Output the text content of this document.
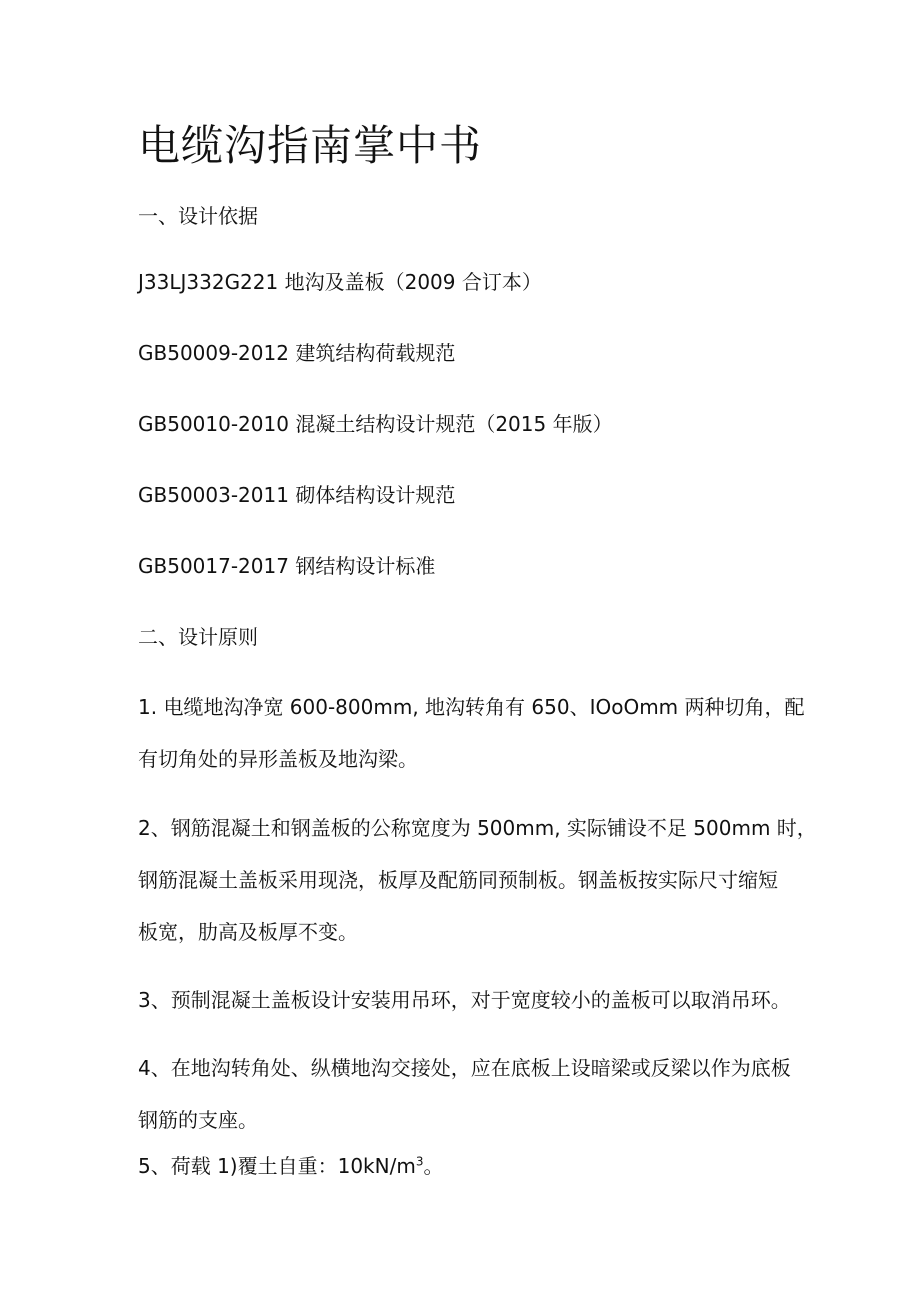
电缆沟指南掌中书

一、设计依据

J33LJ332G221 地沟及盖板（2009 合订本）

GB50009-2012 建筑结构荷载规范

GB50010-2010 混凝土结构设计规范（2015 年版）

GB50003-2011 砌体结构设计规范

GB50017-2017 钢结构设计标准

二、设计原则

1. 电缆地沟净宽 600-800mm, 地沟转角有 650、IOoOmm 两种切角，配
有切角处的异形盖板及地沟梁。
2、钢筋混凝土和钢盖板的公称宽度为 500mm, 实际铺设不足 500mm 时，
钢筋混凝土盖板采用现浇，板厚及配筋同预制板。钢盖板按实际尺寸缩短
板宽，肋高及板厚不变。
3、预制混凝土盖板设计安装用吊环，对于宽度较小的盖板可以取消吊环。
4、在地沟转角处、纵横地沟交接处，应在底板上设暗梁或反梁以作为底板
钢筋的支座。

5、荷载 1)覆土自重：$10kN/m^3$。
